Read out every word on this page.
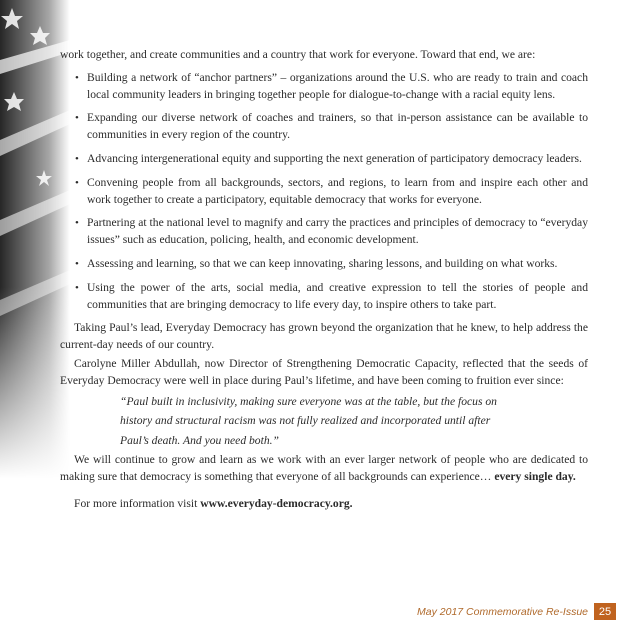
work together, and create communities and a country that work for everyone. Toward that end, we are:

• Building a network of “anchor partners” – organizations around the U.S. who are ready to train and coach local community leaders in bringing together people for dialogue-to-change with a racial equity lens.
• Expanding our diverse network of coaches and trainers, so that in-person assistance can be available to communities in every region of the country.
• Advancing intergenerational equity and supporting the next generation of participatory democracy leaders.
• Convening people from all backgrounds, sectors, and regions, to learn from and inspire each other and work together to create a participatory, equitable democracy that works for everyone.
• Partnering at the national level to magnify and carry the practices and principles of democracy to “everyday issues” such as education, policing, health, and economic development.
• Assessing and learning, so that we can keep innovating, sharing lessons, and building on what works.
• Using the power of the arts, social media, and creative expression to tell the stories of people and communities that are bringing democracy to life every day, to inspire others to take part.

Taking Paul’s lead, Everyday Democracy has grown beyond the organization that he knew, to help address the current-day needs of our country.

Carolyne Miller Abdullah, now Director of Strengthening Democratic Capacity, reflected that the seeds of Everyday Democracy were well in place during Paul’s lifetime, and have been coming to fruition ever since:

“Paul built in inclusivity, making sure everyone was at the table, but the focus on
history and structural racism was not fully realized and incorporated until after
Paul’s death. And you need both.”

We will continue to grow and learn as we work with an ever larger network of people who are dedicated to making sure that democracy is something that everyone of all backgrounds can experience… every single day.

For more information visit www.everyday-democracy.org.

May 2017 Commemorative Re-Issue 25
